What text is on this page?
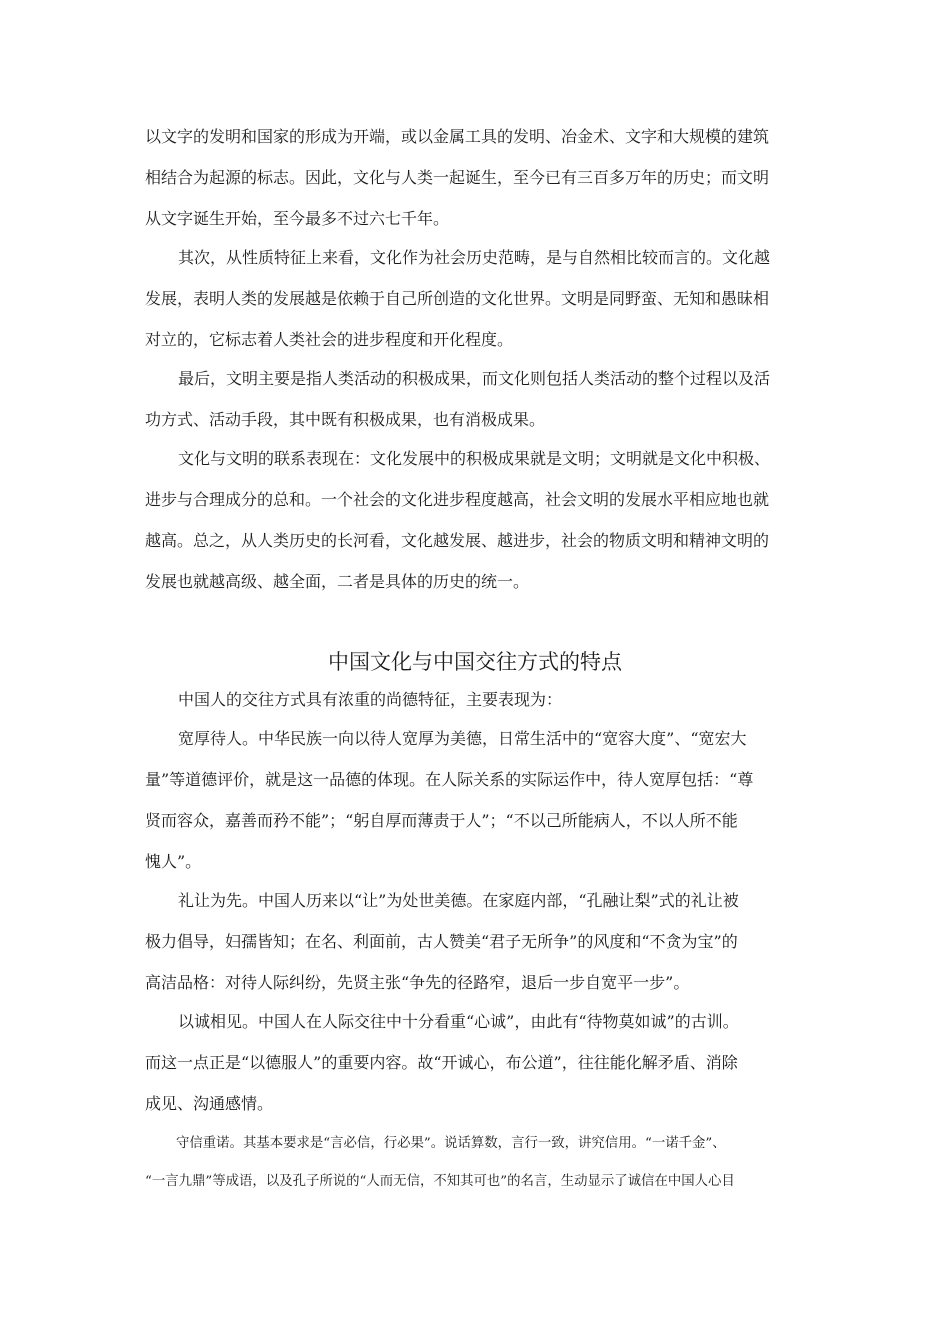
以文字的发明和国家的形成为开端，或以金属工具的发明、冶金术、文字和大规模的建筑
相结合为起源的标志。因此，文化与人类一起诞生，至今已有三百多万年的历史；而文明
从文字诞生开始，至今最多不过六七千年。
其次，从性质特征上来看，文化作为社会历史范畴，是与自然相比较而言的。文化越
发展，表明人类的发展越是依赖于自己所创造的文化世界。文明是同野蛮、无知和愚昧相
对立的，它标志着人类社会的进步程度和开化程度。
最后，文明主要是指人类活动的积极成果，而文化则包括人类活动的整个过程以及活
功方式、活动手段，其中既有积极成果，也有消极成果。
文化与文明的联系表现在：文化发展中的积极成果就是文明；文明就是文化中积极、
进步与合理成分的总和。一个社会的文化进步程度越高，社会文明的发展水平相应地也就
越高。总之，从人类历史的长河看，文化越发展、越进步，社会的物质文明和精神文明的
发展也就越高级、越全面，二者是具体的历史的统一。
中国文化与中国交往方式的特点
中国人的交往方式具有浓重的尚德特征，主要表现为：
宽厚待人。中华民族一向以待人宽厚为美德，日常生活中的“宽容大度”、“宽宏大
量”等道德评价，就是这一品德的体现。在人际关系的实际运作中，待人宽厚包括：“尊
贤而容众，嘉善而矜不能”；“躬自厚而薄责于人”；“不以己所能病人，不以人所不能
愧人”。
礼让为先。中国人历来以“让”为处世美德。在家庭内部，“孔融让梨”式的礼让被
极力倡导，妇孺皆知；在名、利面前，古人赞美“君子无所争”的风度和“不贪为宝”的
高洁品格：对待人际纠纷，先贤主张“争先的径路窄，退后一步自宽平一步”。
以诚相见。中国人在人际交往中十分看重“心诚”，由此有“待物莫如诚”的古训。
而这一点正是“以德服人”的重要内容。故“开诚心，布公道”，往往能化解矛盾、消除
成见、沟通感情。
守信重诺。其基本要求是“言必信，行必果”。说话算数，言行一致，讲究信用。“一诺千金”、
“一言九鼎”等成语，以及孔子所说的“人而无信，不知其可也”的名言，生动显示了诚信在中国人心目
